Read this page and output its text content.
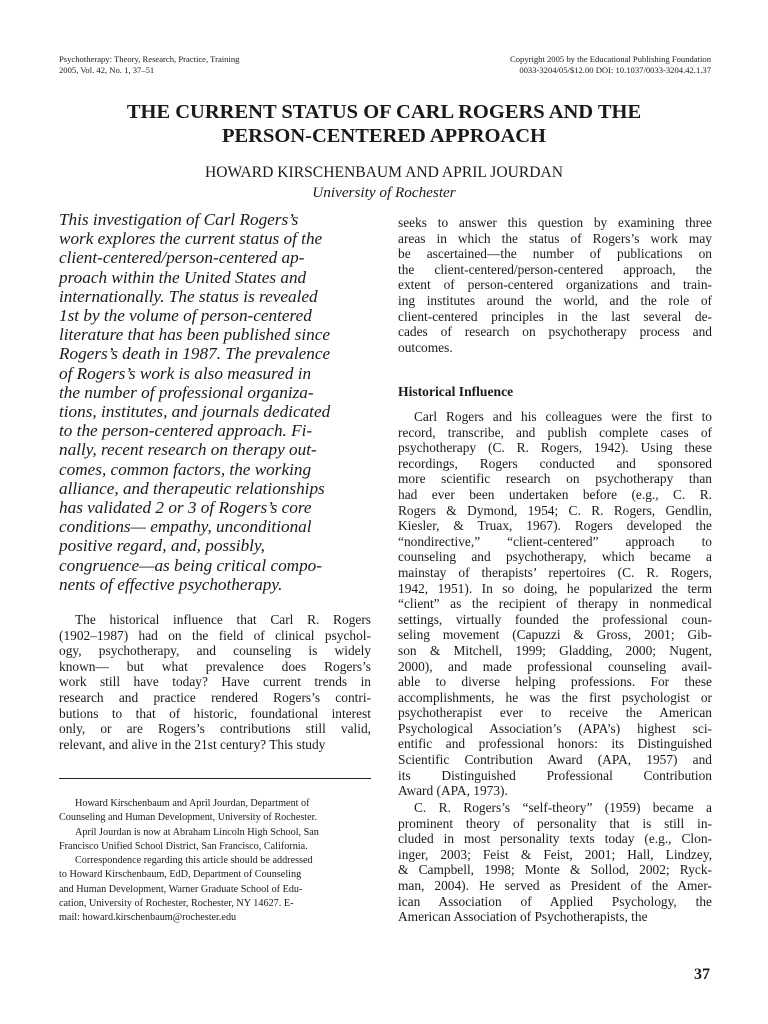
Psychotherapy: Theory, Research, Practice, Training
2005, Vol. 42, No. 1, 37–51
Copyright 2005 by the Educational Publishing Foundation
0033-3204/05/$12.00 DOI: 10.1037/0033-3204.42.1.37
THE CURRENT STATUS OF CARL ROGERS AND THE
PERSON-CENTERED APPROACH
HOWARD KIRSCHENBAUM AND APRIL JOURDAN
University of Rochester
This investigation of Carl Rogers’s
work explores the current status of the
client-centered/person-centered ap-
proach within the United States and
internationally. The status is revealed
1st by the volume of person-centered
literature that has been published since
Rogers’s death in 1987. The prevalence
of Rogers’s work is also measured in
the number of professional organiza-
tions, institutes, and journals dedicated
to the person-centered approach. Fi-
nally, recent research on therapy out-
comes, common factors, the working
alliance, and therapeutic relationships
has validated 2 or 3 of Rogers’s core
conditions— empathy, unconditional
positive regard, and, possibly,
congruence—as being critical compo-
nents of effective psychotherapy.
The historical influence that Carl R. Rogers
(1902–1987) had on the field of clinical psychol-
ogy, psychotherapy, and counseling is widely
known— but what prevalence does Rogers’s
work still have today? Have current trends in
research and practice rendered Rogers’s contri-
butions to that of historic, foundational interest
only, or are Rogers’s contributions still valid,
relevant, and alive in the 21st century? This study
Howard Kirschenbaum and April Jourdan, Department of
Counseling and Human Development, University of Rochester.
April Jourdan is now at Abraham Lincoln High School, San
Francisco Unified School District, San Francisco, California.
Correspondence regarding this article should be addressed
to Howard Kirschenbaum, EdD, Department of Counseling
and Human Development, Warner Graduate School of Edu-
cation, University of Rochester, Rochester, NY 14627. E-
mail: howard.kirschenbaum@rochester.edu
seeks to answer this question by examining three
areas in which the status of Rogers’s work may
be ascertained—the number of publications on
the client-centered/person-centered approach, the
extent of person-centered organizations and train-
ing institutes around the world, and the role of
client-centered principles in the last several de-
cades of research on psychotherapy process and
outcomes.
Historical Influence
Carl Rogers and his colleagues were the first to
record, transcribe, and publish complete cases of
psychotherapy (C. R. Rogers, 1942). Using these
recordings, Rogers conducted and sponsored
more scientific research on psychotherapy than
had ever been undertaken before (e.g., C. R.
Rogers & Dymond, 1954; C. R. Rogers, Gendlin,
Kiesler, & Truax, 1967). Rogers developed the
“nondirective,” “client-centered” approach to
counseling and psychotherapy, which became a
mainstay of therapists’ repertoires (C. R. Rogers,
1942, 1951). In so doing, he popularized the term
“client” as the recipient of therapy in nonmedical
settings, virtually founded the professional coun-
seling movement (Capuzzi & Gross, 2001; Gib-
son & Mitchell, 1999; Gladding, 2000; Nugent,
2000), and made professional counseling avail-
able to diverse helping professions. For these
accomplishments, he was the first psychologist or
psychotherapist ever to receive the American
Psychological Association’s (APA’s) highest sci-
entific and professional honors: its Distinguished
Scientific Contribution Award (APA, 1957) and
its Distinguished Professional Contribution
Award (APA, 1973).
C. R. Rogers’s “self-theory” (1959) became a
prominent theory of personality that is still in-
cluded in most personality texts today (e.g., Clon-
inger, 2003; Feist & Feist, 2001; Hall, Lindzey,
& Campbell, 1998; Monte & Sollod, 2002; Ryck-
man, 2004). He served as President of the Amer-
ican Association of Applied Psychology, the
American Association of Psychotherapists, the
37
